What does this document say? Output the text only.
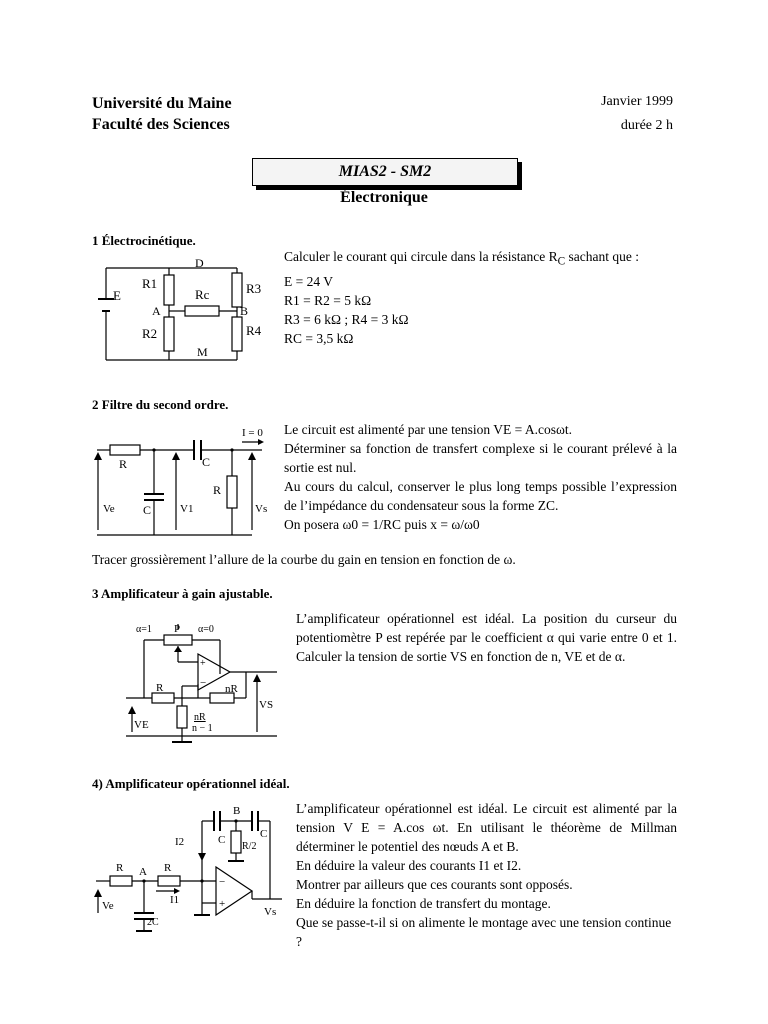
Université du Maine
Faculté des Sciences
Janvier 1999
durée 2 h
MIAS2 - SM2
Électronique
1 Électrocinétique.
E
R1
R2
R3
R4
Rc
D
A	B
M

Calculer le courant qui circule dans la résistance $R_C$ sachant que :

E = 24 V

R1 = R2 = 5 kΩ

R3 = 6 kΩ ; R4 = 3 kΩ

RC = 3,5 kΩ

2 Filtre du second ordre.
I = 0
R	C
C
R
Ve	V1	Vs

Le circuit est alimenté par une tension VE = A.cosωt.

Déterminer sa fonction de transfert complexe si le courant prélevé à la sortie est nul.

Au cours du calcul, conserver le plus long temps possible l’expression de l’impédance du condensateur sous la forme ZC.

On posera ω0 = 1/RC puis x = ω/ω0

Tracer grossièrement l’allure de la courbe du gain en tension en fonction de ω.
3 Amplificateur à gain ajustable.
α=1 P α=0
R	nR
nR
n − 1
VE
VS
+
−
L’amplificateur opérationnel est idéal. La position du curseur du potentiomètre P est repérée par le coefficient α qui varie entre 0 et 1. Calculer la tension de sortie VS en fonction de n, VE et de α.
4) Amplificateur opérationnel idéal.
B
C	C
R/2
I2
R A R
I1
Ve
2C
Vs
−
+

L’amplificateur opérationnel est idéal. Le circuit est alimenté par la tension V E = A.cos ωt. En utilisant le théorème de Millman déterminer le potentiel des nœuds A et B.

En déduire la valeur des courants I1 et I2.

Montrer par ailleurs que ces courants sont opposés.

En déduire la fonction de transfert du montage.

Que se passe-t-il si on alimente le montage avec une tension continue ?
